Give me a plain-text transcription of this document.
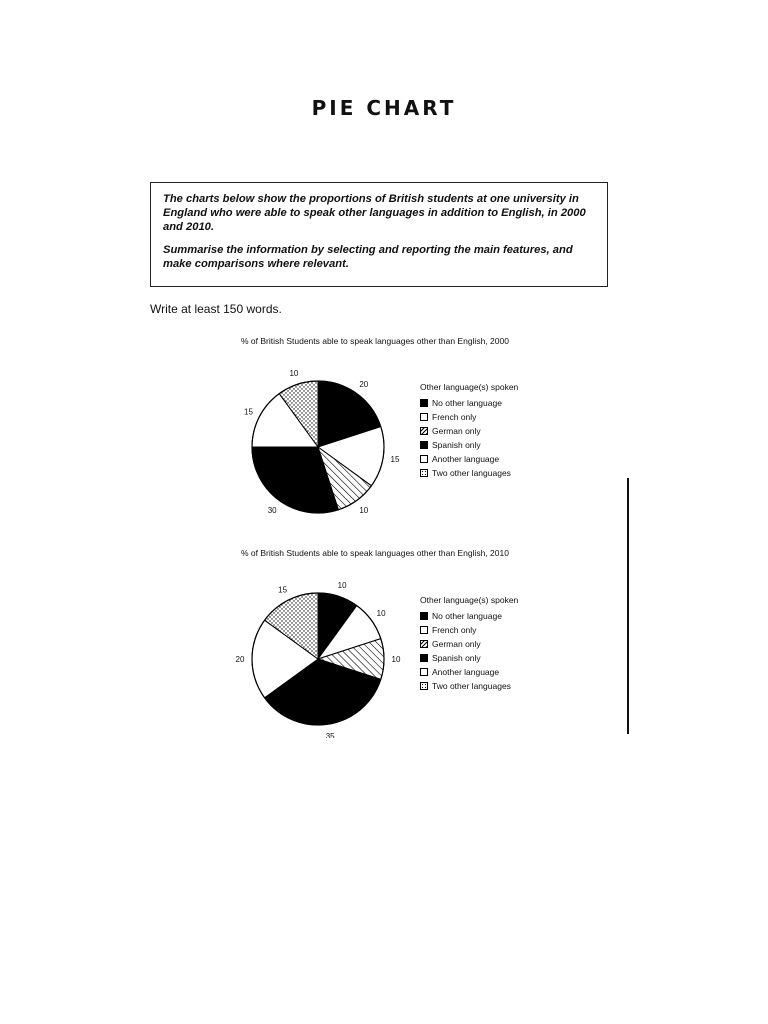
PIE CHART

The charts below show the proportions of British students at one university in England who were able to speak other languages in addition to English, in 2000 and 2010.

Summarise the information by selecting and reporting the main features, and make comparisons where relevant.

Write at least 150 words.
% of British Students able to speak languages other than English, 2000
20
15
10
30
15
10
Other language(s) spoken
No other language
French only
German only
Spanish only
Another language
Two other languages
% of British Students able to speak languages other than English, 2010
10
10
10
35
20
15
Other language(s) spoken
No other language
French only
German only
Spanish only
Another language
Two other languages
